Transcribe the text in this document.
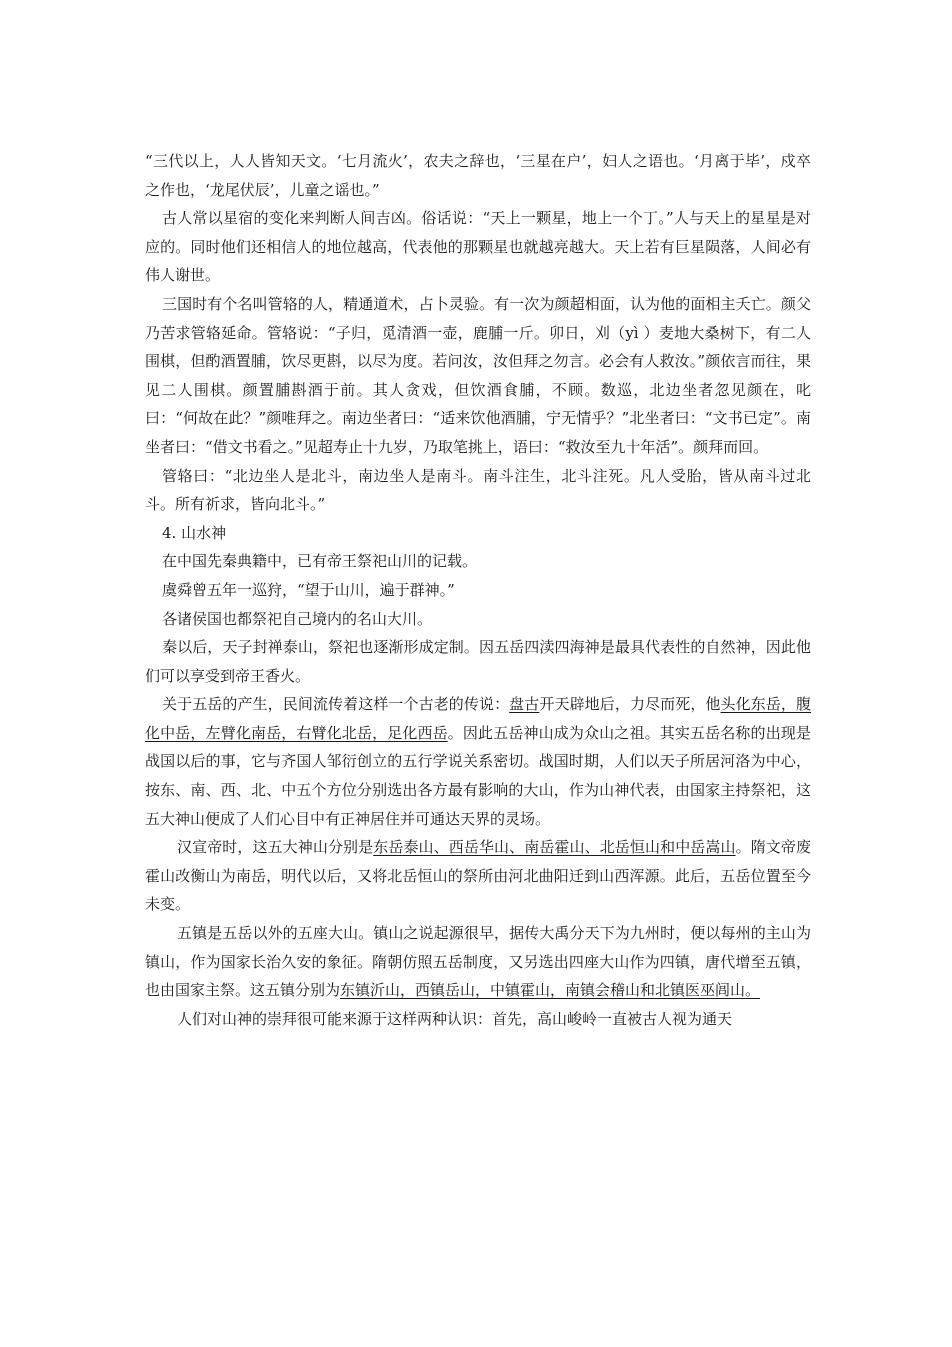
“三代以上，人人皆知天文。‘七月流火’，农夫之辞也，‘三星在户’，妇人之语也。‘月离于毕’，戍卒之作也，‘龙尾伏辰’，儿童之谣也。”

古人常以星宿的变化来判断人间吉凶。俗话说：“天上一颗星，地上一个丁。”人与天上的星星是对应的。同时他们还相信人的地位越高，代表他的那颗星也就越亮越大。天上若有巨星陨落，人间必有伟人谢世。

三国时有个名叫管辂的人，精通道术，占卜灵验。有一次为颜超相面，认为他的面相主夭亡。颜父乃苦求管辂延命。管辂说：“子归，觅清酒一壶，鹿脯一斤。卯日，刈（yì ）麦地大桑树下，有二人围棋，但酌酒置脯，饮尽更斟，以尽为度。若问汝，汝但拜之勿言。必会有人救汝。”颜依言而往，果见二人围棋。颜置脯斟酒于前。其人贪戏，但饮酒食脯，不顾。数巡，北边坐者忽见颜在，叱曰：“何故在此？”颜唯拜之。南边坐者曰：“适来饮他酒脯，宁无情乎？”北坐者曰：“文书已定”。南坐者曰：“借文书看之。”见超寿止十九岁，乃取笔挑上，语曰：“救汝至九十年活”。颜拜而回。

管辂曰：“北边坐人是北斗，南边坐人是南斗。南斗注生，北斗注死。凡人受胎，皆从南斗过北斗。所有祈求，皆向北斗。”

4. 山水神

在中国先秦典籍中，已有帝王祭祀山川的记载。

虞舜曾五年一巡狩，“望于山川，遍于群神。”

各诸侯国也都祭祀自己境内的名山大川。

秦以后，天子封禅泰山，祭祀也逐渐形成定制。因五岳四渎四海神是最具代表性的自然神，因此他们可以享受到帝王香火。

关于五岳的产生，民间流传着这样一个古老的传说：盘古开天辟地后，力尽而死，他头化东岳，腹化中岳，左臂化南岳，右臂化北岳，足化西岳。因此五岳神山成为众山之祖。其实五岳名称的出现是战国以后的事，它与齐国人邹衍创立的五行学说关系密切。战国时期，人们以天子所居河洛为中心，按东、南、西、北、中五个方位分别选出各方最有影响的大山，作为山神代表，由国家主持祭祀，这五大神山便成了人们心目中有正神居住并可通达天界的灵场。

汉宣帝时，这五大神山分别是东岳泰山、西岳华山、南岳霍山、北岳恒山和中岳嵩山。隋文帝废霍山改衡山为南岳，明代以后，又将北岳恒山的祭所由河北曲阳迁到山西浑源。此后，五岳位置至今未变。

五镇是五岳以外的五座大山。镇山之说起源很早，据传大禹分天下为九州时，便以每州的主山为镇山，作为国家长治久安的象征。隋朝仿照五岳制度，又另选出四座大山作为四镇，唐代增至五镇，也由国家主祭。这五镇分别为东镇沂山，西镇岳山，中镇霍山，南镇会稽山和北镇医巫闾山。

人们对山神的崇拜很可能来源于这样两种认识：首先，高山峻岭一直被古人视为通天
